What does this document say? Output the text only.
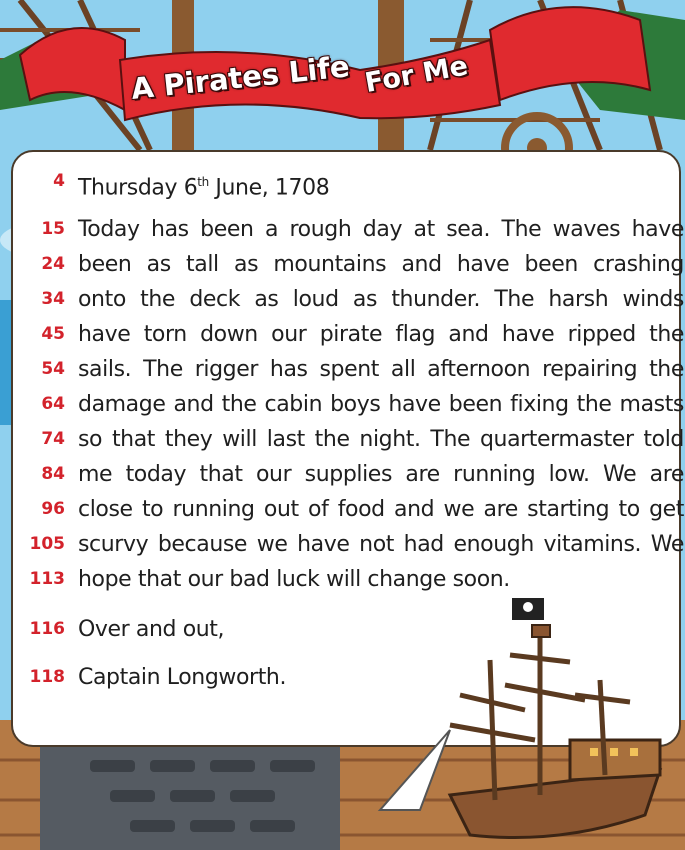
A Pirates Life For Me
4 Thursday 6th June, 1708
15 Today has been a rough day at sea. The waves have
24 been as tall as mountains and have been crashing
34 onto the deck as loud as thunder. The harsh winds
45 have torn down our pirate flag and have ripped the
54 sails. The rigger has spent all afternoon repairing the
64 damage and the cabin boys have been fixing the masts
74 so that they will last the night. The quartermaster told
84 me today that our supplies are running low. We are
96 close to running out of food and we are starting to get
105 scurvy because we have not had enough vitamins. We
113 hope that our bad luck will change soon.
116 Over and out,
118 Captain Longworth.
